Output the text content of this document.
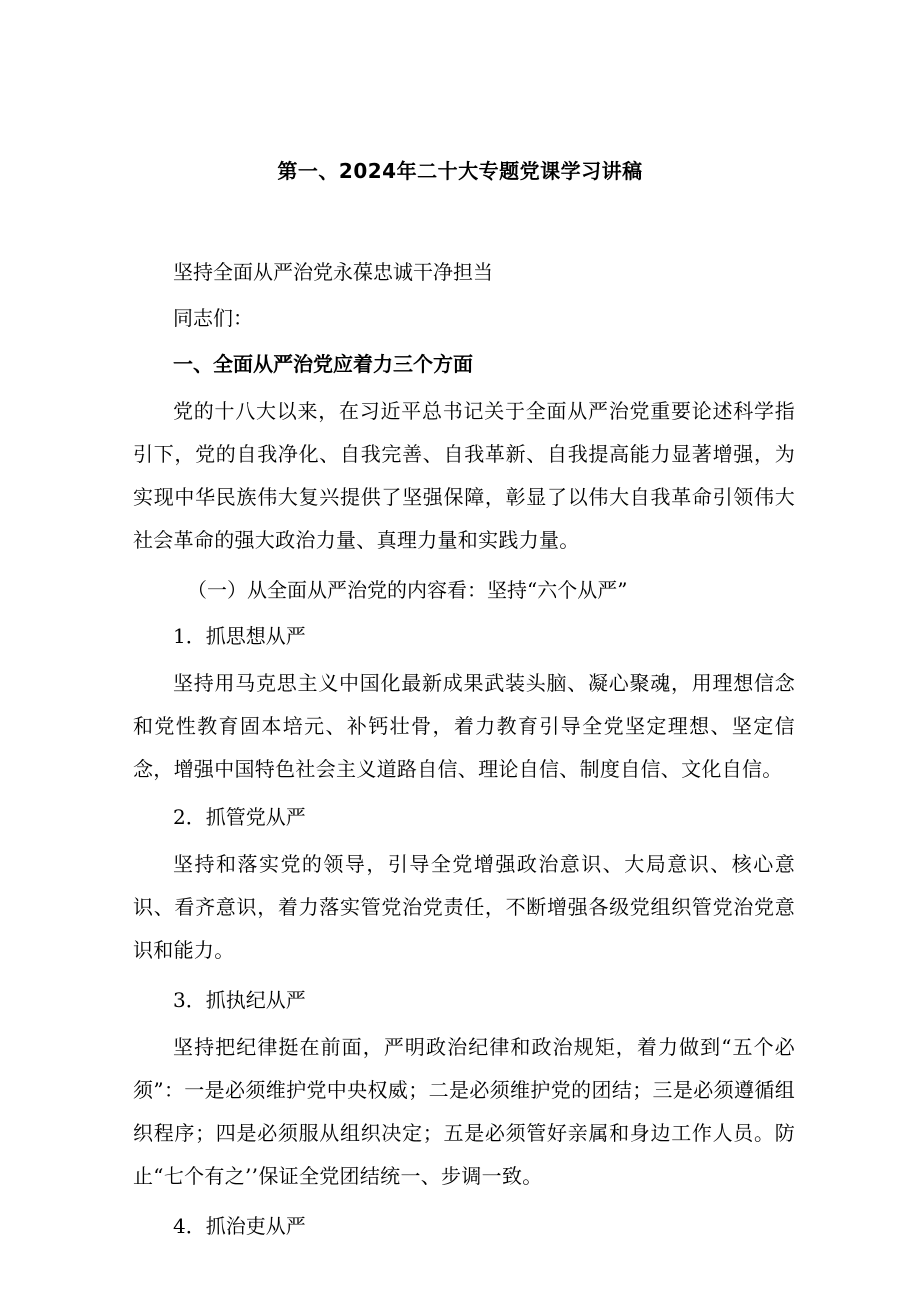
第一、2024年二十大专题党课学习讲稿
坚持全面从严治党永葆忠诚干净担当
同志们：
一、全面从严治党应着力三个方面
党的十八大以来，在习近平总书记关于全面从严治党重要论述科学指引下，党的自我净化、自我完善、自我革新、自我提高能力显著增强，为实现中华民族伟大复兴提供了坚强保障，彰显了以伟大自我革命引领伟大社会革命的强大政治力量、真理力量和实践力量。
（一）从全面从严治党的内容看：坚持“六个从严”
1．抓思想从严
坚持用马克思主义中国化最新成果武装头脑、凝心聚魂，用理想信念和党性教育固本培元、补钙壮骨，着力教育引导全党坚定理想、坚定信念，增强中国特色社会主义道路自信、理论自信、制度自信、文化自信。
2．抓管党从严
坚持和落实党的领导，引导全党增强政治意识、大局意识、核心意识、看齐意识，着力落实管党治党责任，不断增强各级党组织管党治党意识和能力。
3．抓执纪从严
坚持把纪律挺在前面，严明政治纪律和政治规矩，着力做到“五个必须”：一是必须维护党中央权威；二是必须维护党的团结；三是必须遵循组织程序；四是必须服从组织决定；五是必须管好亲属和身边工作人员。防止“七个有之’’保证全党团结统一、步调一致。
4．抓治吏从严
